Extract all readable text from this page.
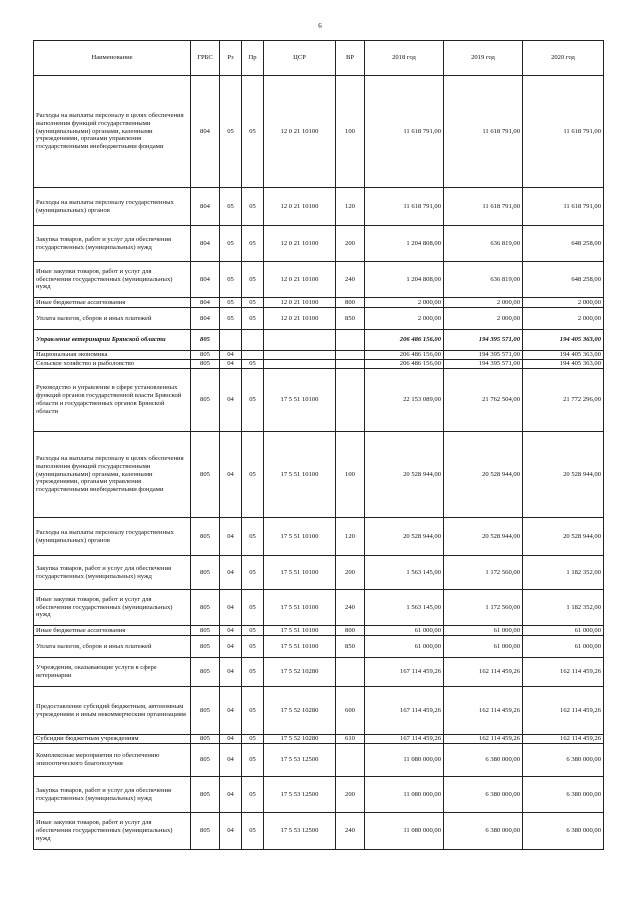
6
Наименование	ГРБС	Рз	Пр	ЦСР	ВР	2018 год	2019 год	2020 год
Расходы на выплаты персоналу в целях обеспечения выполнения функций государственными (муниципальными) органами, казенными учреждениями, органами управления государственными внебюджетными фондами	804	05	05	12 0 21 10100	100	11 618 791,00	11 618 791,00	11 618 791,00
Расходы на выплаты персоналу государственных (муниципальных) органов	804	05	05	12 0 21 10100	120	11 618 791,00	11 618 791,00	11 618 791,00
Закупка товаров, работ и услуг для обеспечения государственных (муниципальных) нужд	804	05	05	12 0 21 10100	200	1 204 808,00	636 819,00	648 258,00
Иные закупки товаров, работ и услуг для обеспечения государственных (муниципальных) нужд	804	05	05	12 0 21 10100	240	1 204 808,00	636 819,00	648 258,00
Иные бюджетные ассигнования	804	05	05	12 0 21 10100	800	2 000,00	2 000,00	2 000,00
Уплата налогов, сборов и иных платежей	804	05	05	12 0 21 10100	850	2 000,00	2 000,00	2 000,00
Управление ветеринарии Брянской области	805					206 486 156,00	194 395 571,00	194 405 363,00
Национальная экономика	805	04				206 486 156,00	194 395 571,00	194 405 363,00
Сельское хозяйство и рыболовство	805	04	05			206 486 156,00	194 395 571,00	194 405 363,00
Руководство и управление в сфере установленных функций органов государственной власти Брянской области и государственных органов Брянской области	805	04	05	17 5 51 10100		22 153 089,00	21 762 504,00	21 772 296,00
Расходы на выплаты персоналу в целях обеспечения выполнения функций государственными (муниципальными) органами, казенными учреждениями, органами управления государственными внебюджетными фондами	805	04	05	17 5 51 10100	100	20 528 944,00	20 528 944,00	20 528 944,00
Расходы на выплаты персоналу государственных (муниципальных) органов	805	04	05	17 5 51 10100	120	20 528 944,00	20 528 944,00	20 528 944,00
Закупка товаров, работ и услуг для обеспечения государственных (муниципальных) нужд	805	04	05	17 5 51 10100	200	1 563 145,00	1 172 560,00	1 182 352,00
Иные закупки товаров, работ и услуг для обеспечения государственных (муниципальных) нужд	805	04	05	17 5 51 10100	240	1 563 145,00	1 172 560,00	1 182 352,00
Иные бюджетные ассигнования	805	04	05	17 5 51 10100	800	61 000,00	61 000,00	61 000,00
Уплата налогов, сборов и иных платежей	805	04	05	17 5 51 10100	850	61 000,00	61 000,00	61 000,00
Учреждения, оказывающие услуги в сфере ветеринарии	805	04	05	17 5 52 10280		167 114 459,26	162 114 459,26	162 114 459,26
Предоставление субсидий бюджетным, автономным учреждениям и иным некоммерческим организациям	805	04	05	17 5 52 10280	600	167 114 459,26	162 114 459,26	162 114 459,26
Субсидии бюджетным учреждениям	805	04	05	17 5 52 10280	610	167 114 459,26	162 114 459,26	162 114 459,26
Комплексные мероприятия по обеспечению эпизоотического благополучия	805	04	05	17 5 53 12500		11 080 000,00	6 380 000,00	6 380 000,00
Закупка товаров, работ и услуг для обеспечения государственных (муниципальных) нужд	805	04	05	17 5 53 12500	200	11 080 000,00	6 380 000,00	6 380 000,00
Иные закупки товаров, работ и услуг для обеспечения государственных (муниципальных) нужд	805	04	05	17 5 53 12500	240	11 080 000,00	6 380 000,00	6 380 000,00
